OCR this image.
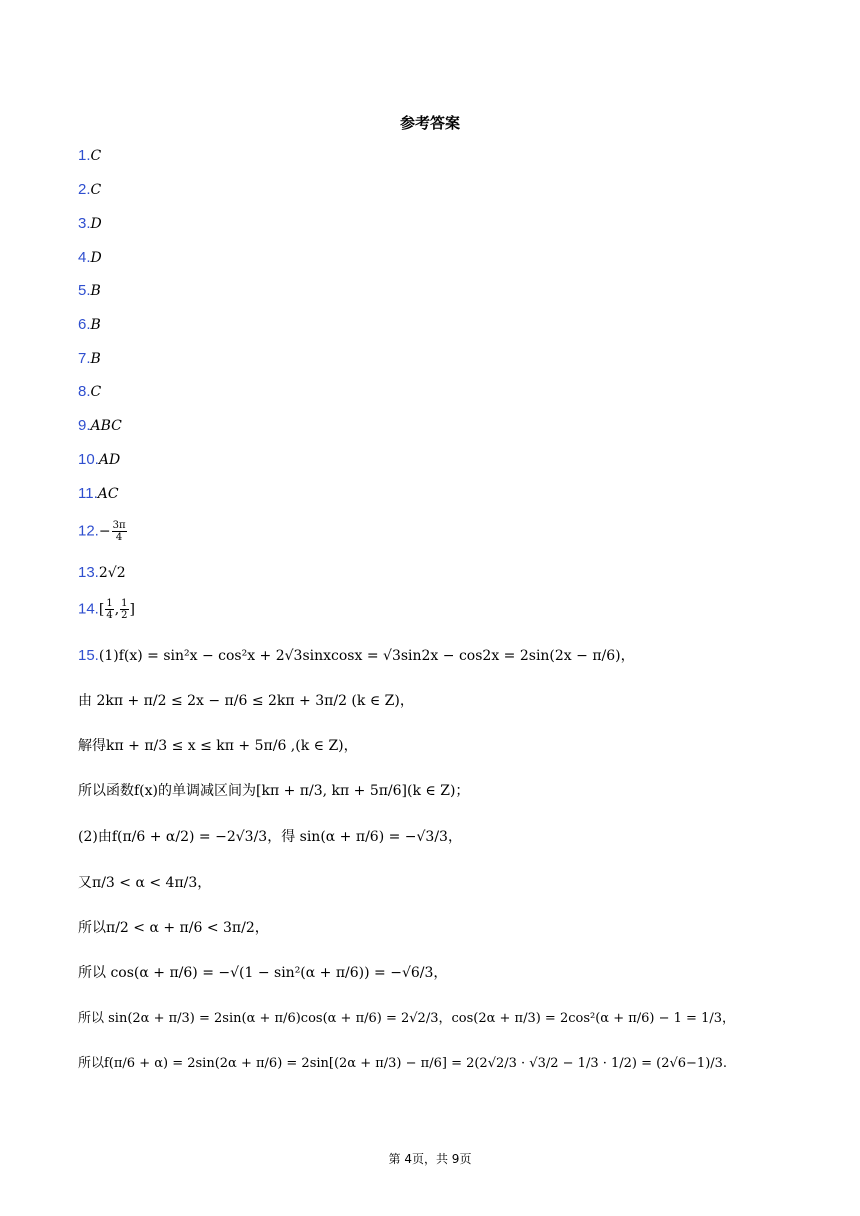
参考答案
1.C
2.C
3.D
4.D
5.B
6.B
7.B
8.C
9.ABC
10.AD
11.AC
$12.- \frac{3\pi}{4}$
13.2√2
$14.[ \frac{1}{4}$ , $\frac{1}{2}$ ]
15.(1)f(x) = sin²x − cos²x + 2√3sinxcosx = √3sin2x − cos2x = 2sin(2x − π/6)，
由 2kπ + π/2 ≤ 2x − π/6 ≤ 2kπ + 3π/2 (k ∈ Z)，
解得kπ + π/3 ≤ x ≤ kπ + 5π/6 ,(k ∈ Z)，
所以函数f(x)的单调减区间为[kπ + π/3, kπ + 5π/6](k ∈ Z)；
(2)由f(π/6 + α/2) = −2√3/3，得 sin(α + π/6) = −√3/3，
又π/3 < α < 4π/3，
所以π/2 < α + π/6 < 3π/2，
所以 cos(α + π/6) = −√(1 − sin²(α + π/6)) = −√6/3，
所以 sin(2α + π/3) = 2sin(α + π/6)cos(α + π/6) = 2√2/3，cos(2α + π/3) = 2cos²(α + π/6) − 1 = 1/3，
所以f(π/6 + α) = 2sin(2α + π/6) = 2sin[(2α + π/3) − π/6] = 2(2√2/3 · √3/2 − 1/3 · 1/2) = (2√6−1)/3.
第 4页，共 9页
